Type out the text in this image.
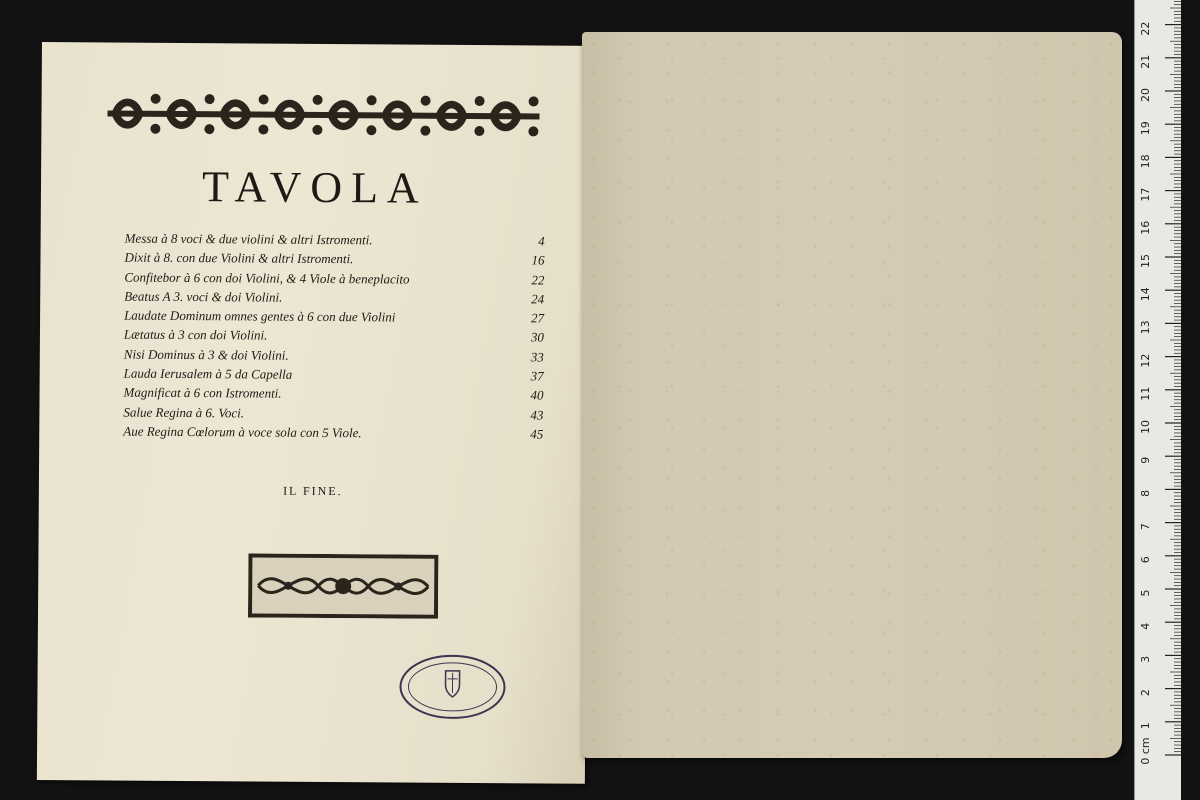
TAVOLA
Messa à 8 voci & due violini & altri Istromenti.	4
Dixit à 8. con due Violini & altri Istromenti.	16
Confitebor à 6 con doi Violini, & 4 Viole à beneplacito	22
Beatus A 3. voci & doi Violini.	24
Laudate Dominum omnes gentes à 6 con due Violini	27
Lætatus à 3 con doi Violini.	30
Nisi Dominus à 3 & doi Violini.	33
Lauda Ierusalem à 5 da Capella	37
Magnificat à 6 con Istromenti.	40
Salue Regina à 6. Voci.	43
Aue Regina Cœlorum à voce sola con 5 Viole.	45
IL FINE.
0 cm
1
2
3
4
5
6
7
8
9
10
11
12
13
14
15
16
17
18
19
20
21
22
